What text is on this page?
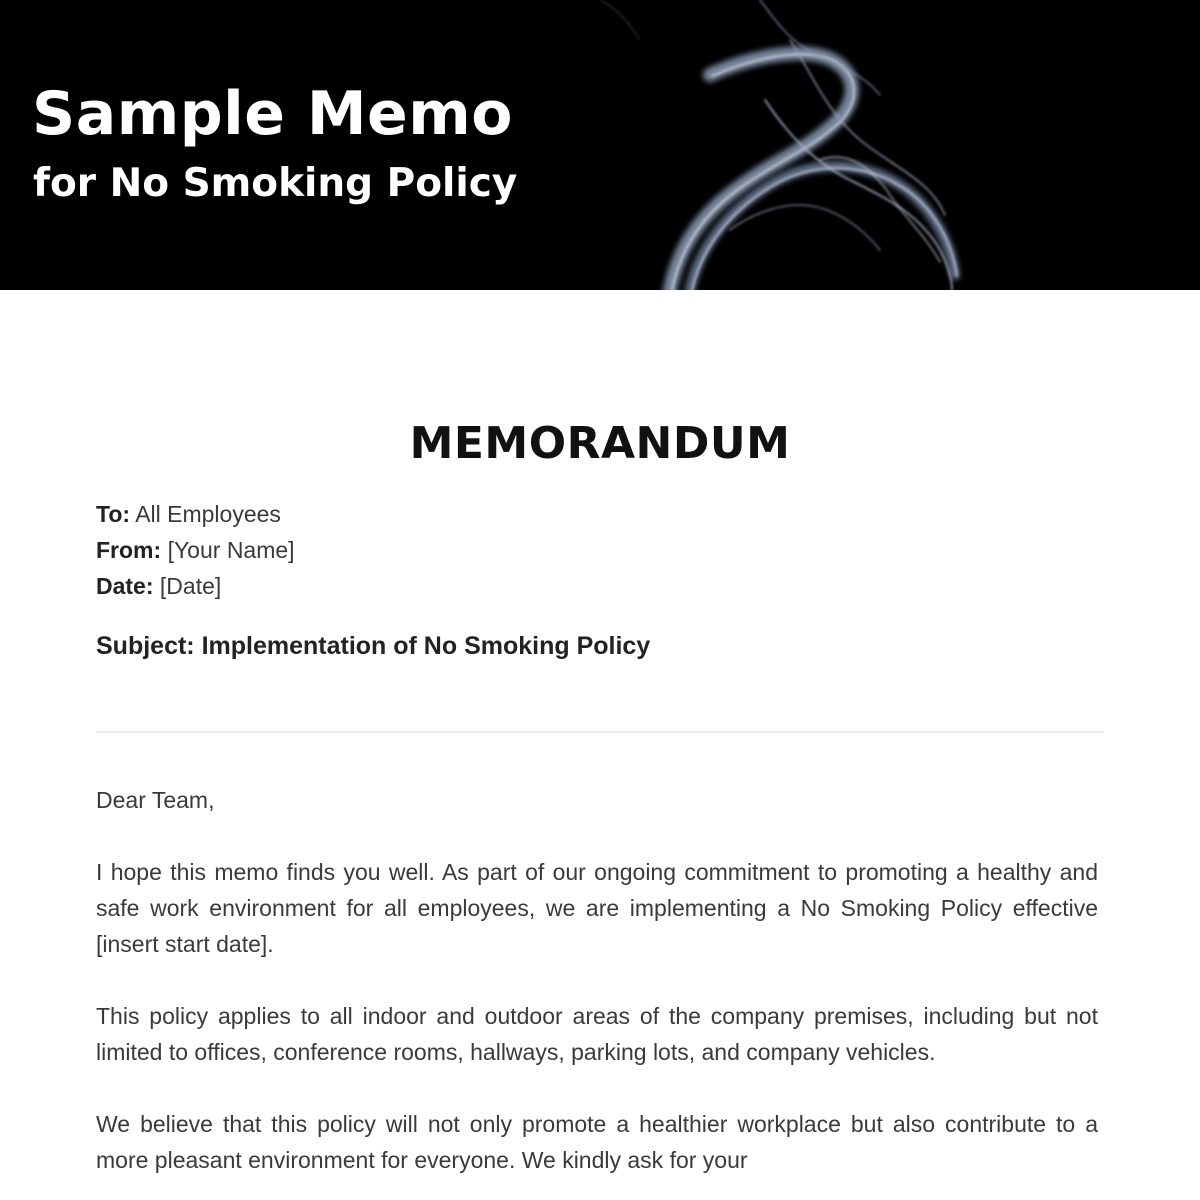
Sample Memo
for No Smoking Policy
MEMORANDUM
To: All Employees
From: [Your Name]
Date: [Date]
Subject: Implementation of No Smoking Policy

Dear Team,

I hope this memo finds you well. As part of our ongoing commitment to promoting a healthy and safe work environment for all employees, we are implementing a No Smoking Policy effective [insert start date].

This policy applies to all indoor and outdoor areas of the company premises, including but not limited to offices, conference rooms, hallways, parking lots, and company vehicles.

We believe that this policy will not only promote a healthier workplace but also contribute to a more pleasant environment for everyone. We kindly ask for your
